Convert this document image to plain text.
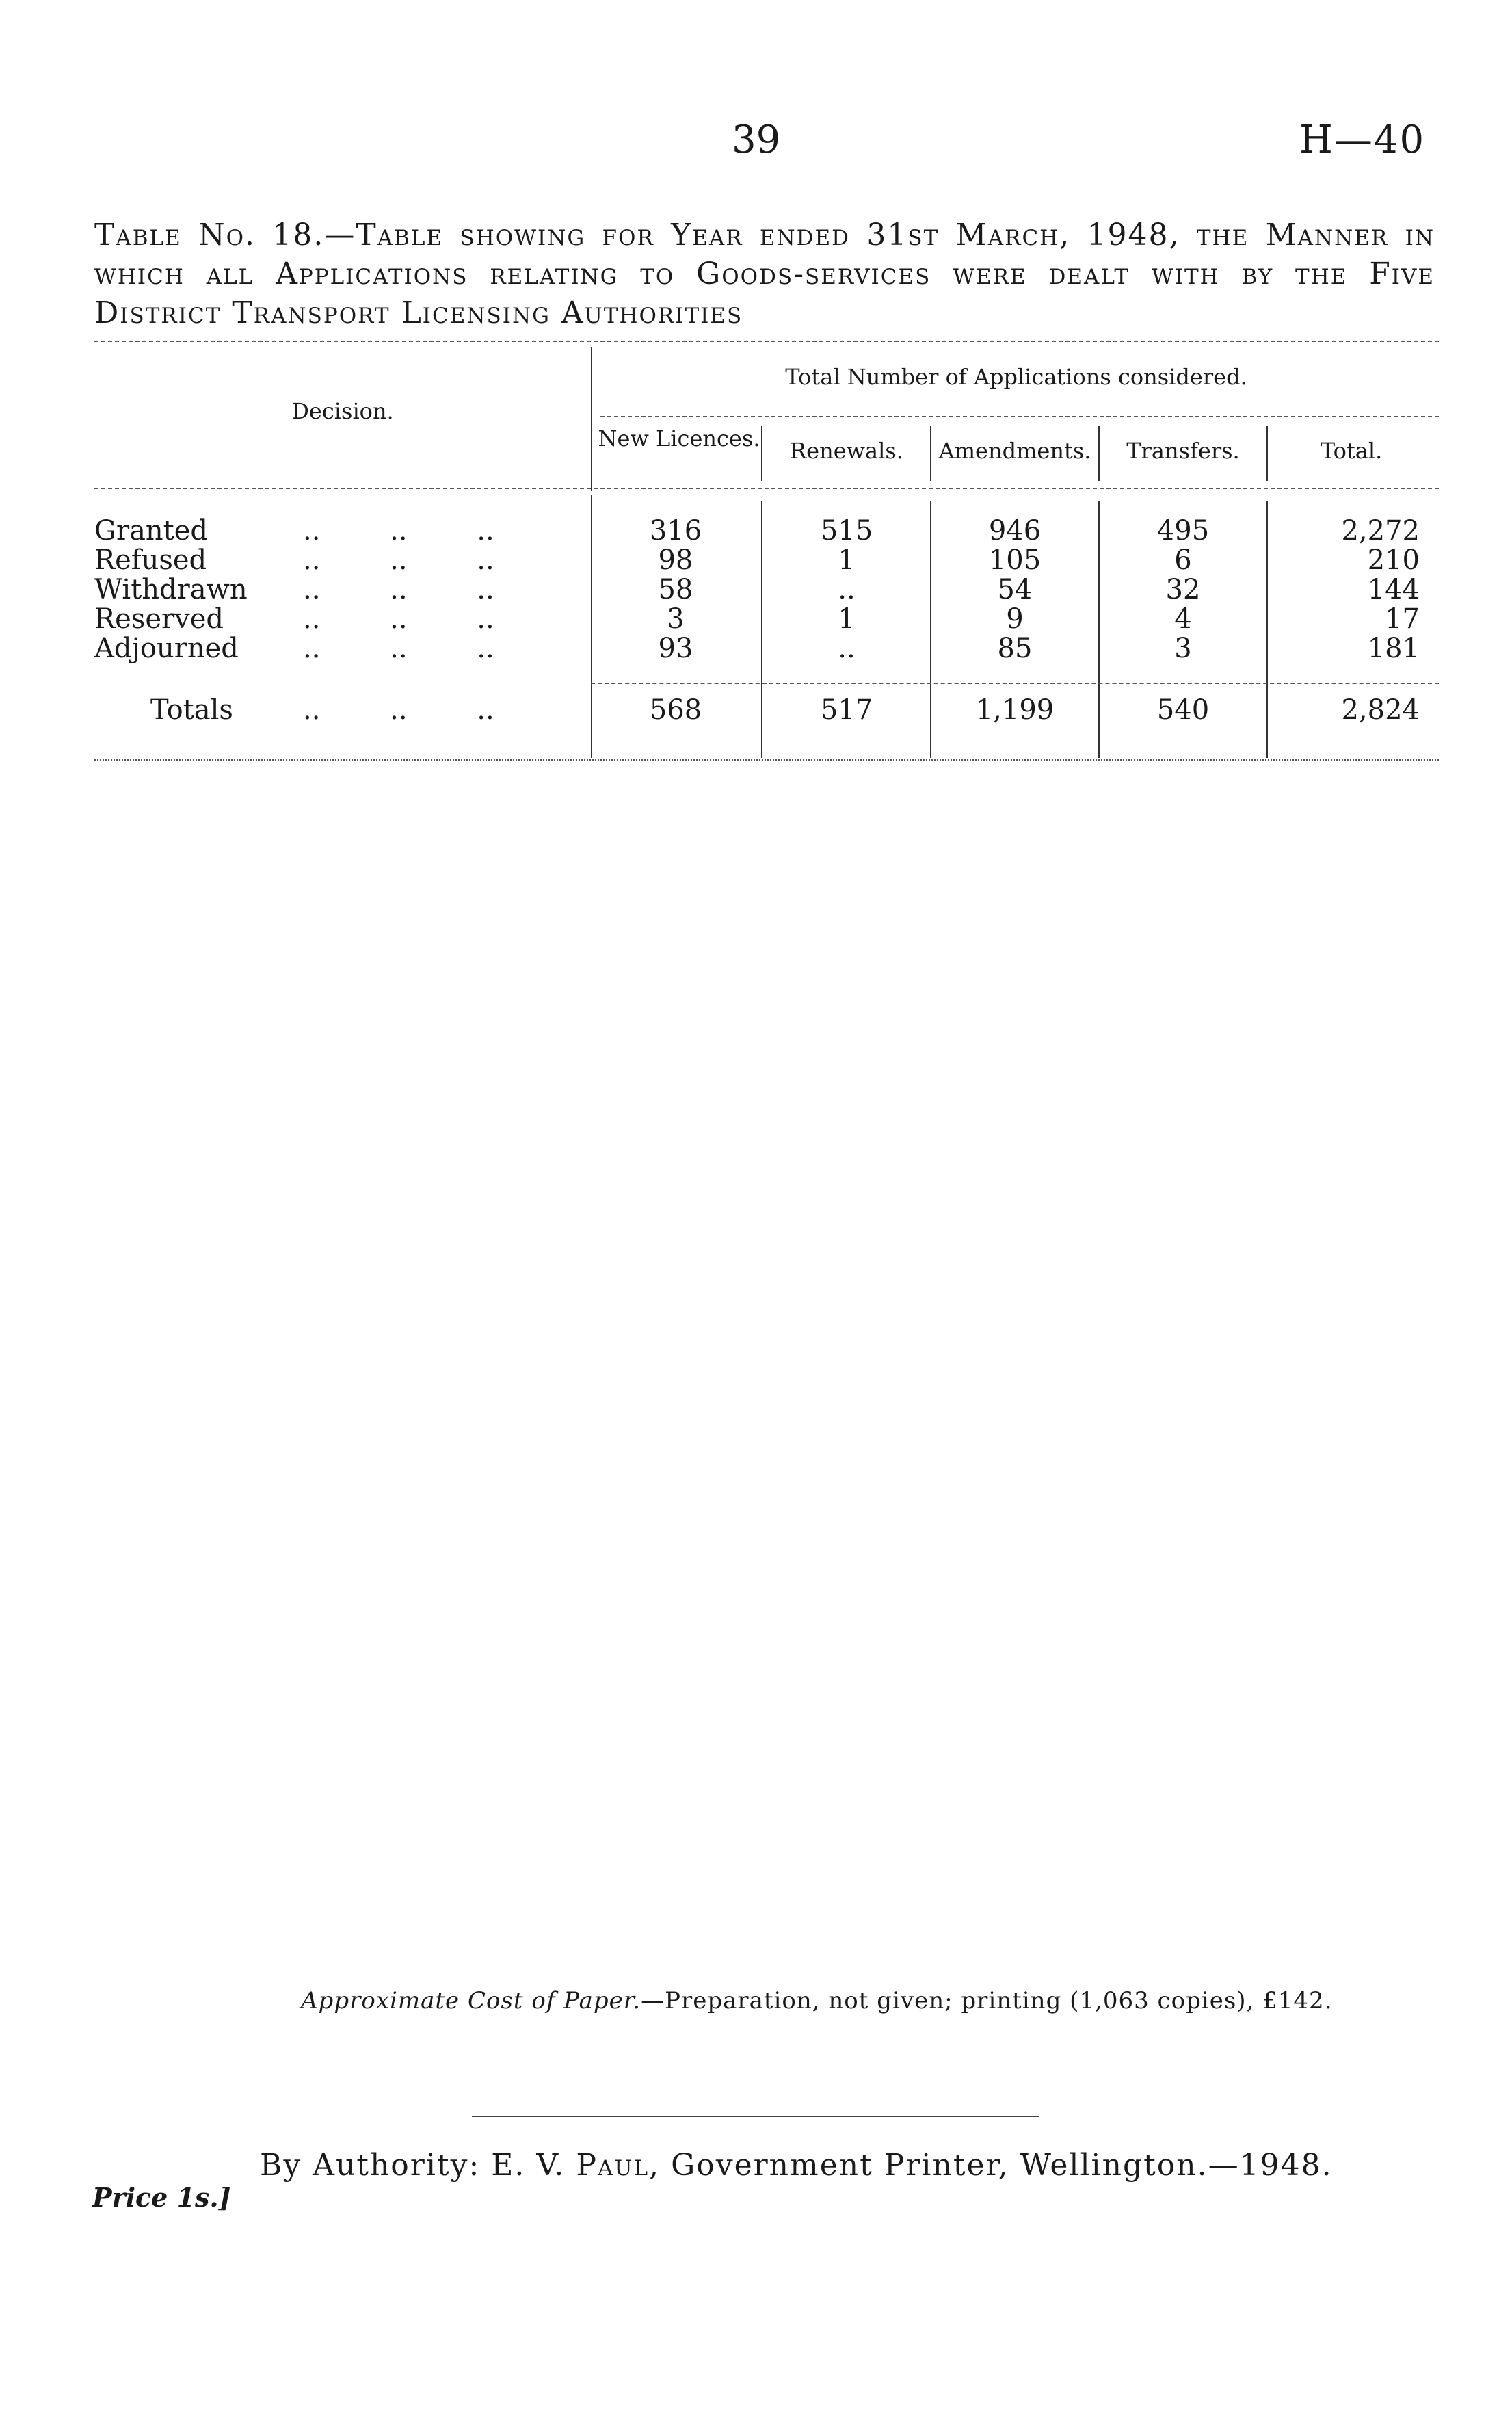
39	H—40
Table No. 18.—Table showing for Year ended 31st March, 1948, the Manner in which all Applications relating to Goods-services were dealt with by the Five District Transport Licensing Authorities
Decision.
Total Number of Applications considered.
New Licences.	Renewals.	Amendments.	Transfers.	Total.
Granted	..        ..        ..	316	515	946	495	2,272
Refused	..        ..        ..	98	1	105	6	210
Withdrawn ..        ..        ..	58	..	54	32	144
Reserved	..        ..        ..	3	1	9	4	17
Adjourned ..        ..        ..	93	..	85	3	181
Totals	..        ..        ..	568	517	1,199	540	2,824
Approximate Cost of Paper.—Preparation, not given; printing (1,063 copies), £142.
By Authority: E. V. Paul, Government Printer, Wellington.—1948.
Price 1s.]
